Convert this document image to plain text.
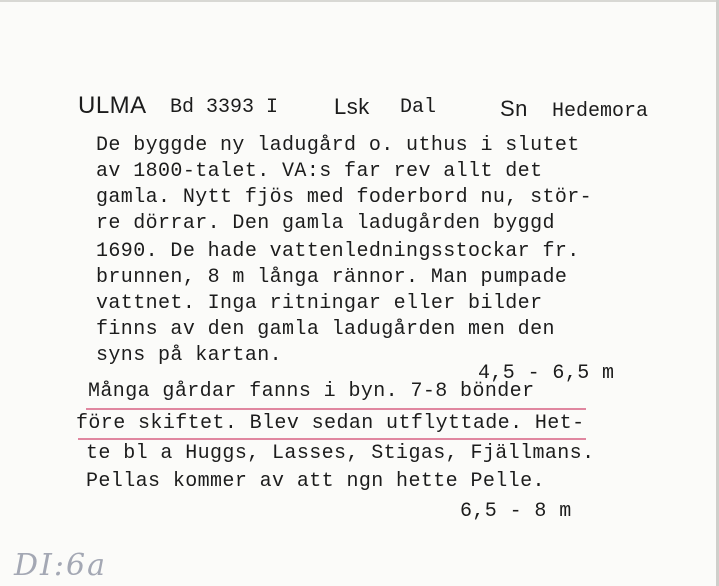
ULMA Bd 3393 I	Lsk Dal	Sn Hedemora
De byggde ny ladugård o. uthus i slutet
av 1800-talet. VA:s far rev allt det
gamla. Nytt fjös med foderbord nu, stör-
re dörrar. Den gamla ladugården byggd
1690. De hade vattenledningsstockar fr.
brunnen, 8 m långa rännor. Man pumpade
vattnet. Inga ritningar eller bilder
finns av den gamla ladugården men den
syns på kartan.
4,5 - 6,5 m
Många gårdar fanns i byn. 7-8 bönder
före skiftet. Blev sedan utflyttade. Het-
te bl a Huggs, Lasses, Stigas, Fjällmans.
Pellas kommer av att ngn hette Pelle.
6,5 - 8 m
DI:6a
